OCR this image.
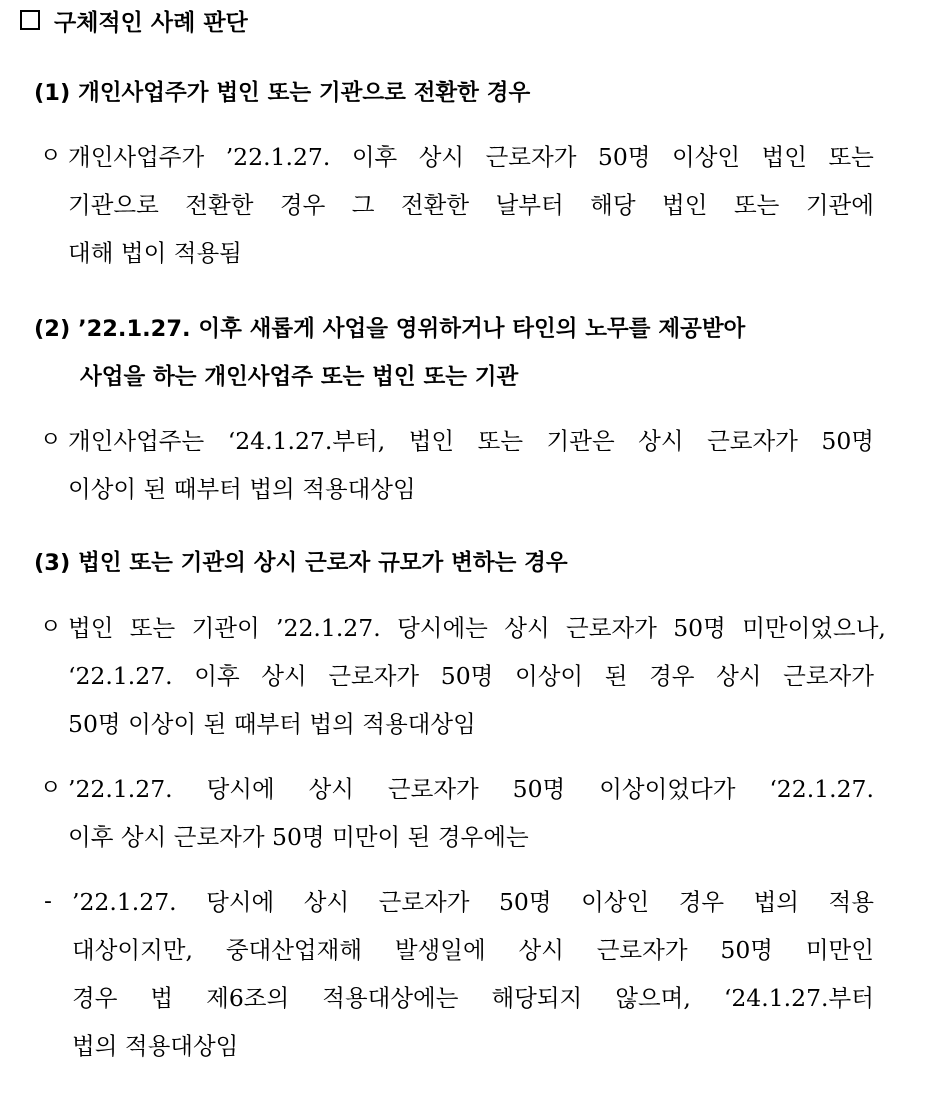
구체적인 사례 판단
(1) 개인사업주가 법인 또는 기관으로 전환한 경우
ㅇ 개인사업주가 ’22.1.27. 이후 상시 근로자가 50명 이상인 법인 또는
기관으로 전환한 경우 그 전환한 날부터 해당 법인 또는 기관에
대해 법이 적용됨
(2) ’22.1.27. 이후 새롭게 사업을 영위하거나 타인의 노무를 제공받아
사업을 하는 개인사업주 또는 법인 또는 기관
ㅇ 개인사업주는 ‘24.1.27.부터, 법인 또는 기관은 상시 근로자가 50명
이상이 된 때부터 법의 적용대상임
(3) 법인 또는 기관의 상시 근로자 규모가 변하는 경우
ㅇ 법인 또는 기관이 ’22.1.27. 당시에는 상시 근로자가 50명 미만이었으나,
‘22.1.27. 이후 상시 근로자가 50명 이상이 된 경우 상시 근로자가
50명 이상이 된 때부터 법의 적용대상임
ㅇ ’22.1.27. 당시에 상시 근로자가 50명 이상이었다가 ‘22.1.27.
이후 상시 근로자가 50명 미만이 된 경우에는
- ’22.1.27. 당시에 상시 근로자가 50명 이상인 경우 법의 적용
대상이지만, 중대산업재해 발생일에 상시 근로자가 50명 미만인
경우 법 제6조의 적용대상에는 해당되지 않으며, ‘24.1.27.부터
법의 적용대상임
